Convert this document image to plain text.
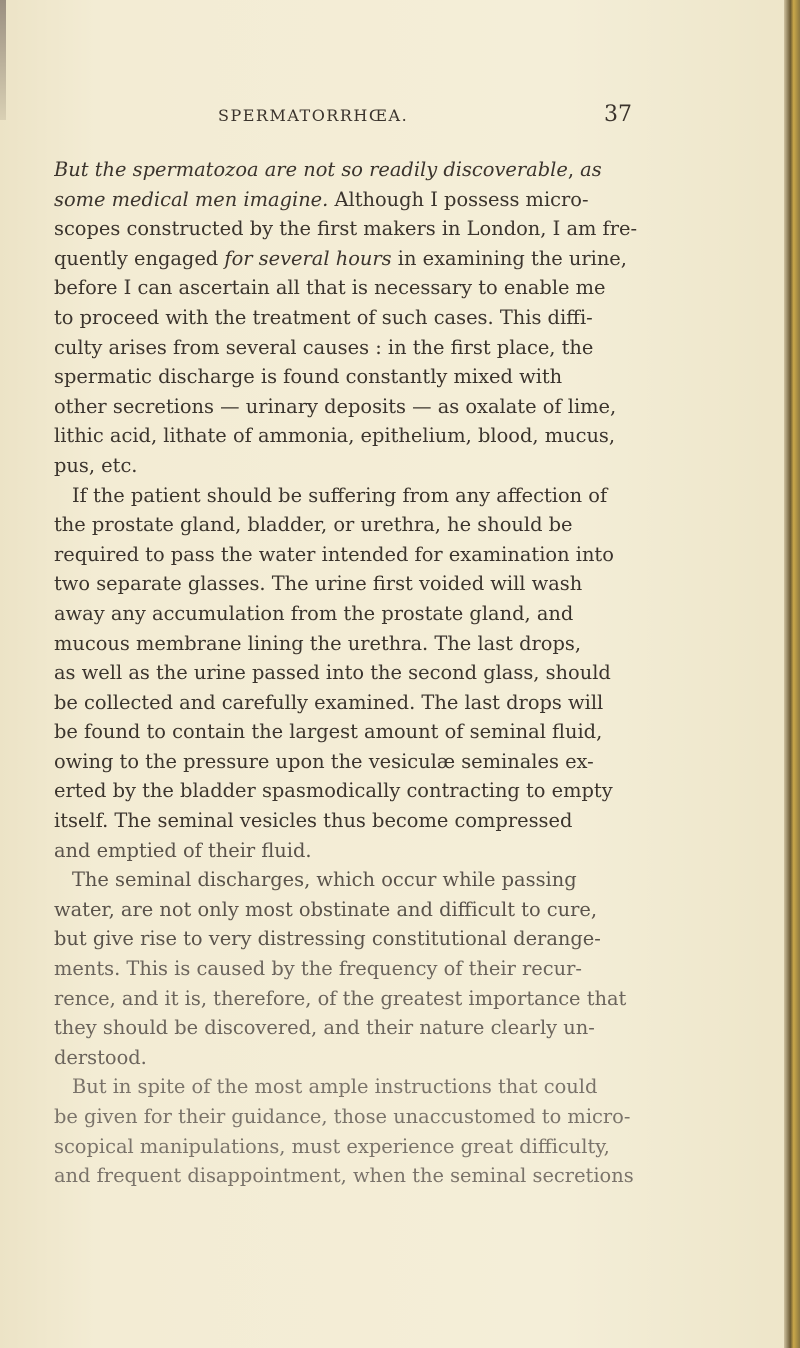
SPERMATORRHŒA.	37
But the spermatozoa are not so readily discoverable, as
some medical men imagine. Although I possess micro-
scopes constructed by the first makers in London, I am fre-
quently engaged for several hours in examining the urine,
before I can ascertain all that is necessary to enable me
to proceed with the treatment of such cases. This diffi-
culty arises from several causes : in the first place, the
spermatic discharge is found constantly mixed with
other secretions — urinary deposits — as oxalate of lime,
lithic acid, lithate of ammonia, epithelium, blood, mucus,
pus, etc.
If the patient should be suffering from any affection of
the prostate gland, bladder, or urethra, he should be
required to pass the water intended for examination into
two separate glasses. The urine first voided will wash
away any accumulation from the prostate gland, and
mucous membrane lining the urethra. The last drops,
as well as the urine passed into the second glass, should
be collected and carefully examined. The last drops will
be found to contain the largest amount of seminal fluid,
owing to the pressure upon the vesiculæ seminales ex-
erted by the bladder spasmodically contracting to empty
itself. The seminal vesicles thus become compressed
and emptied of their fluid.
The seminal discharges, which occur while passing
water, are not only most obstinate and difficult to cure,
but give rise to very distressing constitutional derange-
ments. This is caused by the frequency of their recur-
rence, and it is, therefore, of the greatest importance that
they should be discovered, and their nature clearly un-
derstood.
But in spite of the most ample instructions that could
be given for their guidance, those unaccustomed to micro-
scopical manipulations, must experience great difficulty,
and frequent disappointment, when the seminal secretions
